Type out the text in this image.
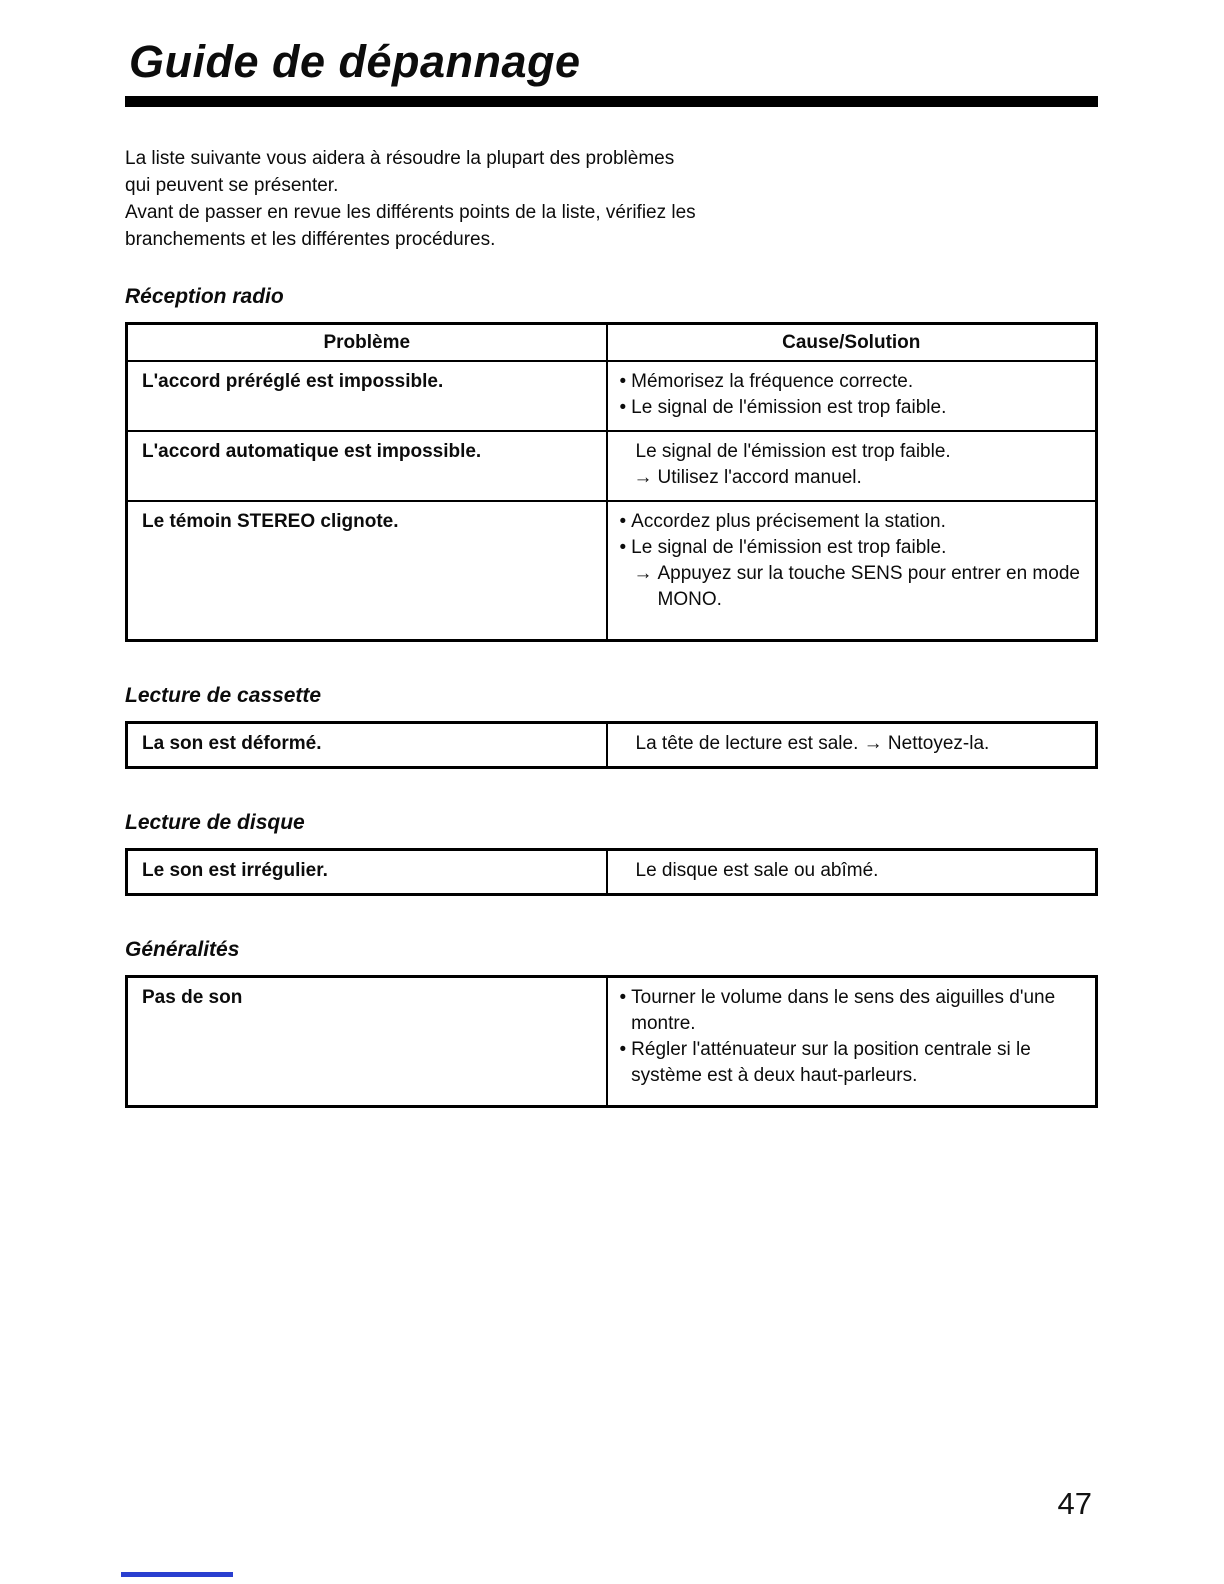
Guide de dépannage
La liste suivante vous aidera à résoudre la plupart des problèmes
qui peuvent se présenter.
Avant de passer en revue les différents points de la liste, vérifiez les
branchements et les différentes procédures.
Réception radio
Problème	Cause/Solution
L'accord préréglé est impossible.	• Mémorisez la fréquence correcte.
• Le signal de l'émission est trop faible.

L'accord automatique est impossible.	Le signal de l'émission est trop faible.
→ Utilisez l'accord manuel.

Le témoin STEREO clignote.	• Accordez plus précisement la station.
• Le signal de l'émission est trop faible.
→ Appuyez sur la touche SENS pour entrer en mode MONO.
Lecture de cassette
La son est déformé.	La tête de lecture est sale. → Nettoyez-la.
Lecture de disque
Le son est irrégulier.	Le disque est sale ou abîmé.
Généralités
Pas de son	• Tourner le volume dans le sens des aiguilles d'une montre.
• Régler l'atténuateur sur la position centrale si le système est à deux haut-parleurs.
47
